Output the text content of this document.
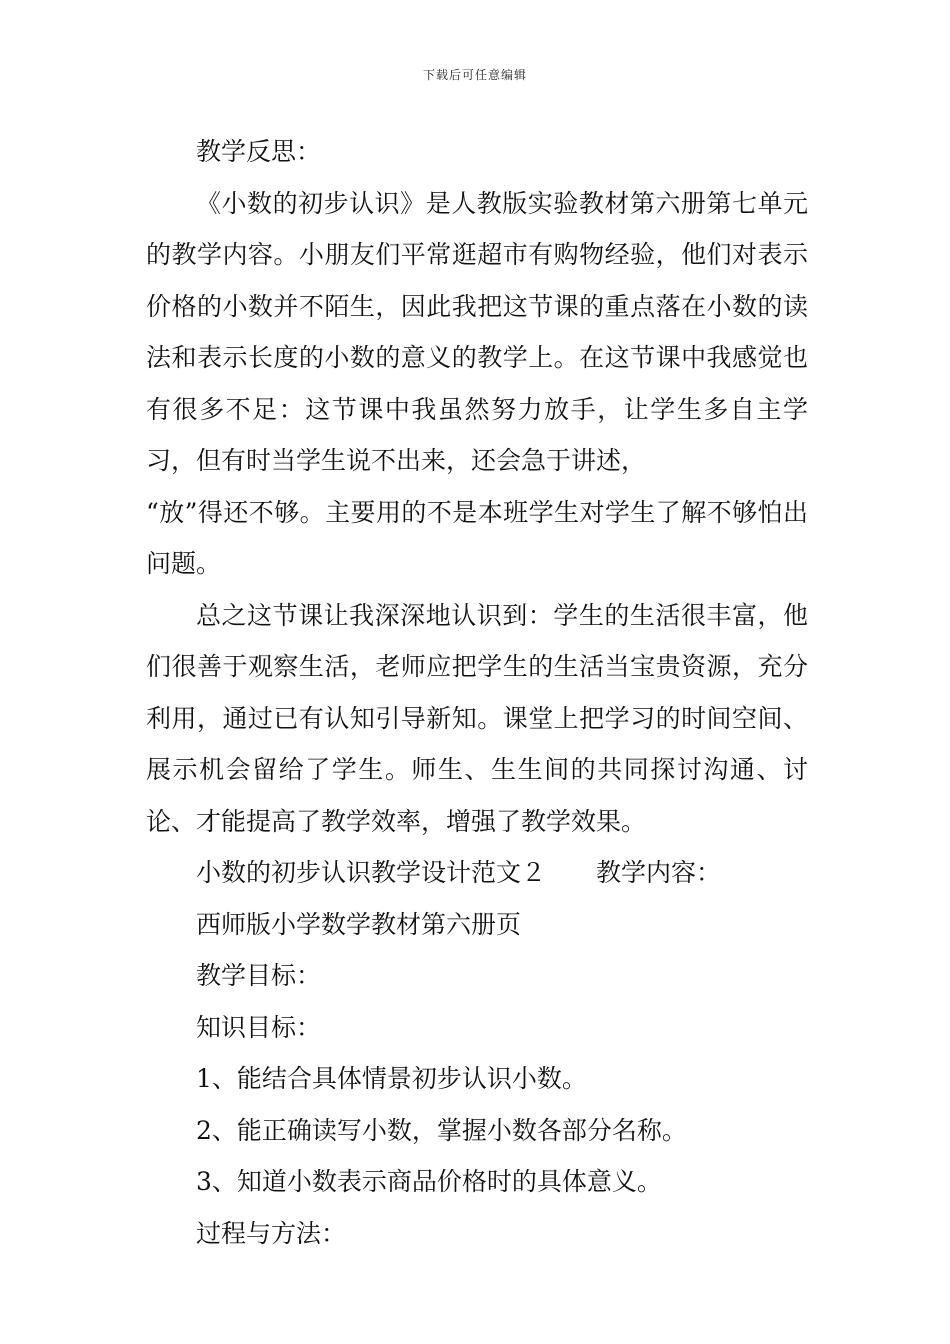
下载后可任意编辑

教学反思：

《小数的初步认识》是人教版实验教材第六册第七单元的教学内容。小朋友们平常逛超市有购物经验，他们对表示价格的小数并不陌生，因此我把这节课的重点落在小数的读法和表示长度的小数的意义的教学上。在这节课中我感觉也有很多不足：这节课中我虽然努力放手，让学生多自主学习，但有时当学生说不出来，还会急于讲述，
“放”得还不够。主要用的不是本班学生对学生了解不够怕出问题。

总之这节课让我深深地认识到：学生的生活很丰富，他们很善于观察生活，老师应把学生的生活当宝贵资源，充分利用，通过已有认知引导新知。课堂上把学习的时间空间、展示机会留给了学生。师生、生生间的共同探讨沟通、讨论、才能提高了教学效率，增强了教学效果。

小数的初步认识教学设计范文２ 教学内容：

西师版小学数学教材第六册页

教学目标：

知识目标：

1、能结合具体情景初步认识小数。

2、能正确读写小数，掌握小数各部分名称。

3、知道小数表示商品价格时的具体意义。

过程与方法：
